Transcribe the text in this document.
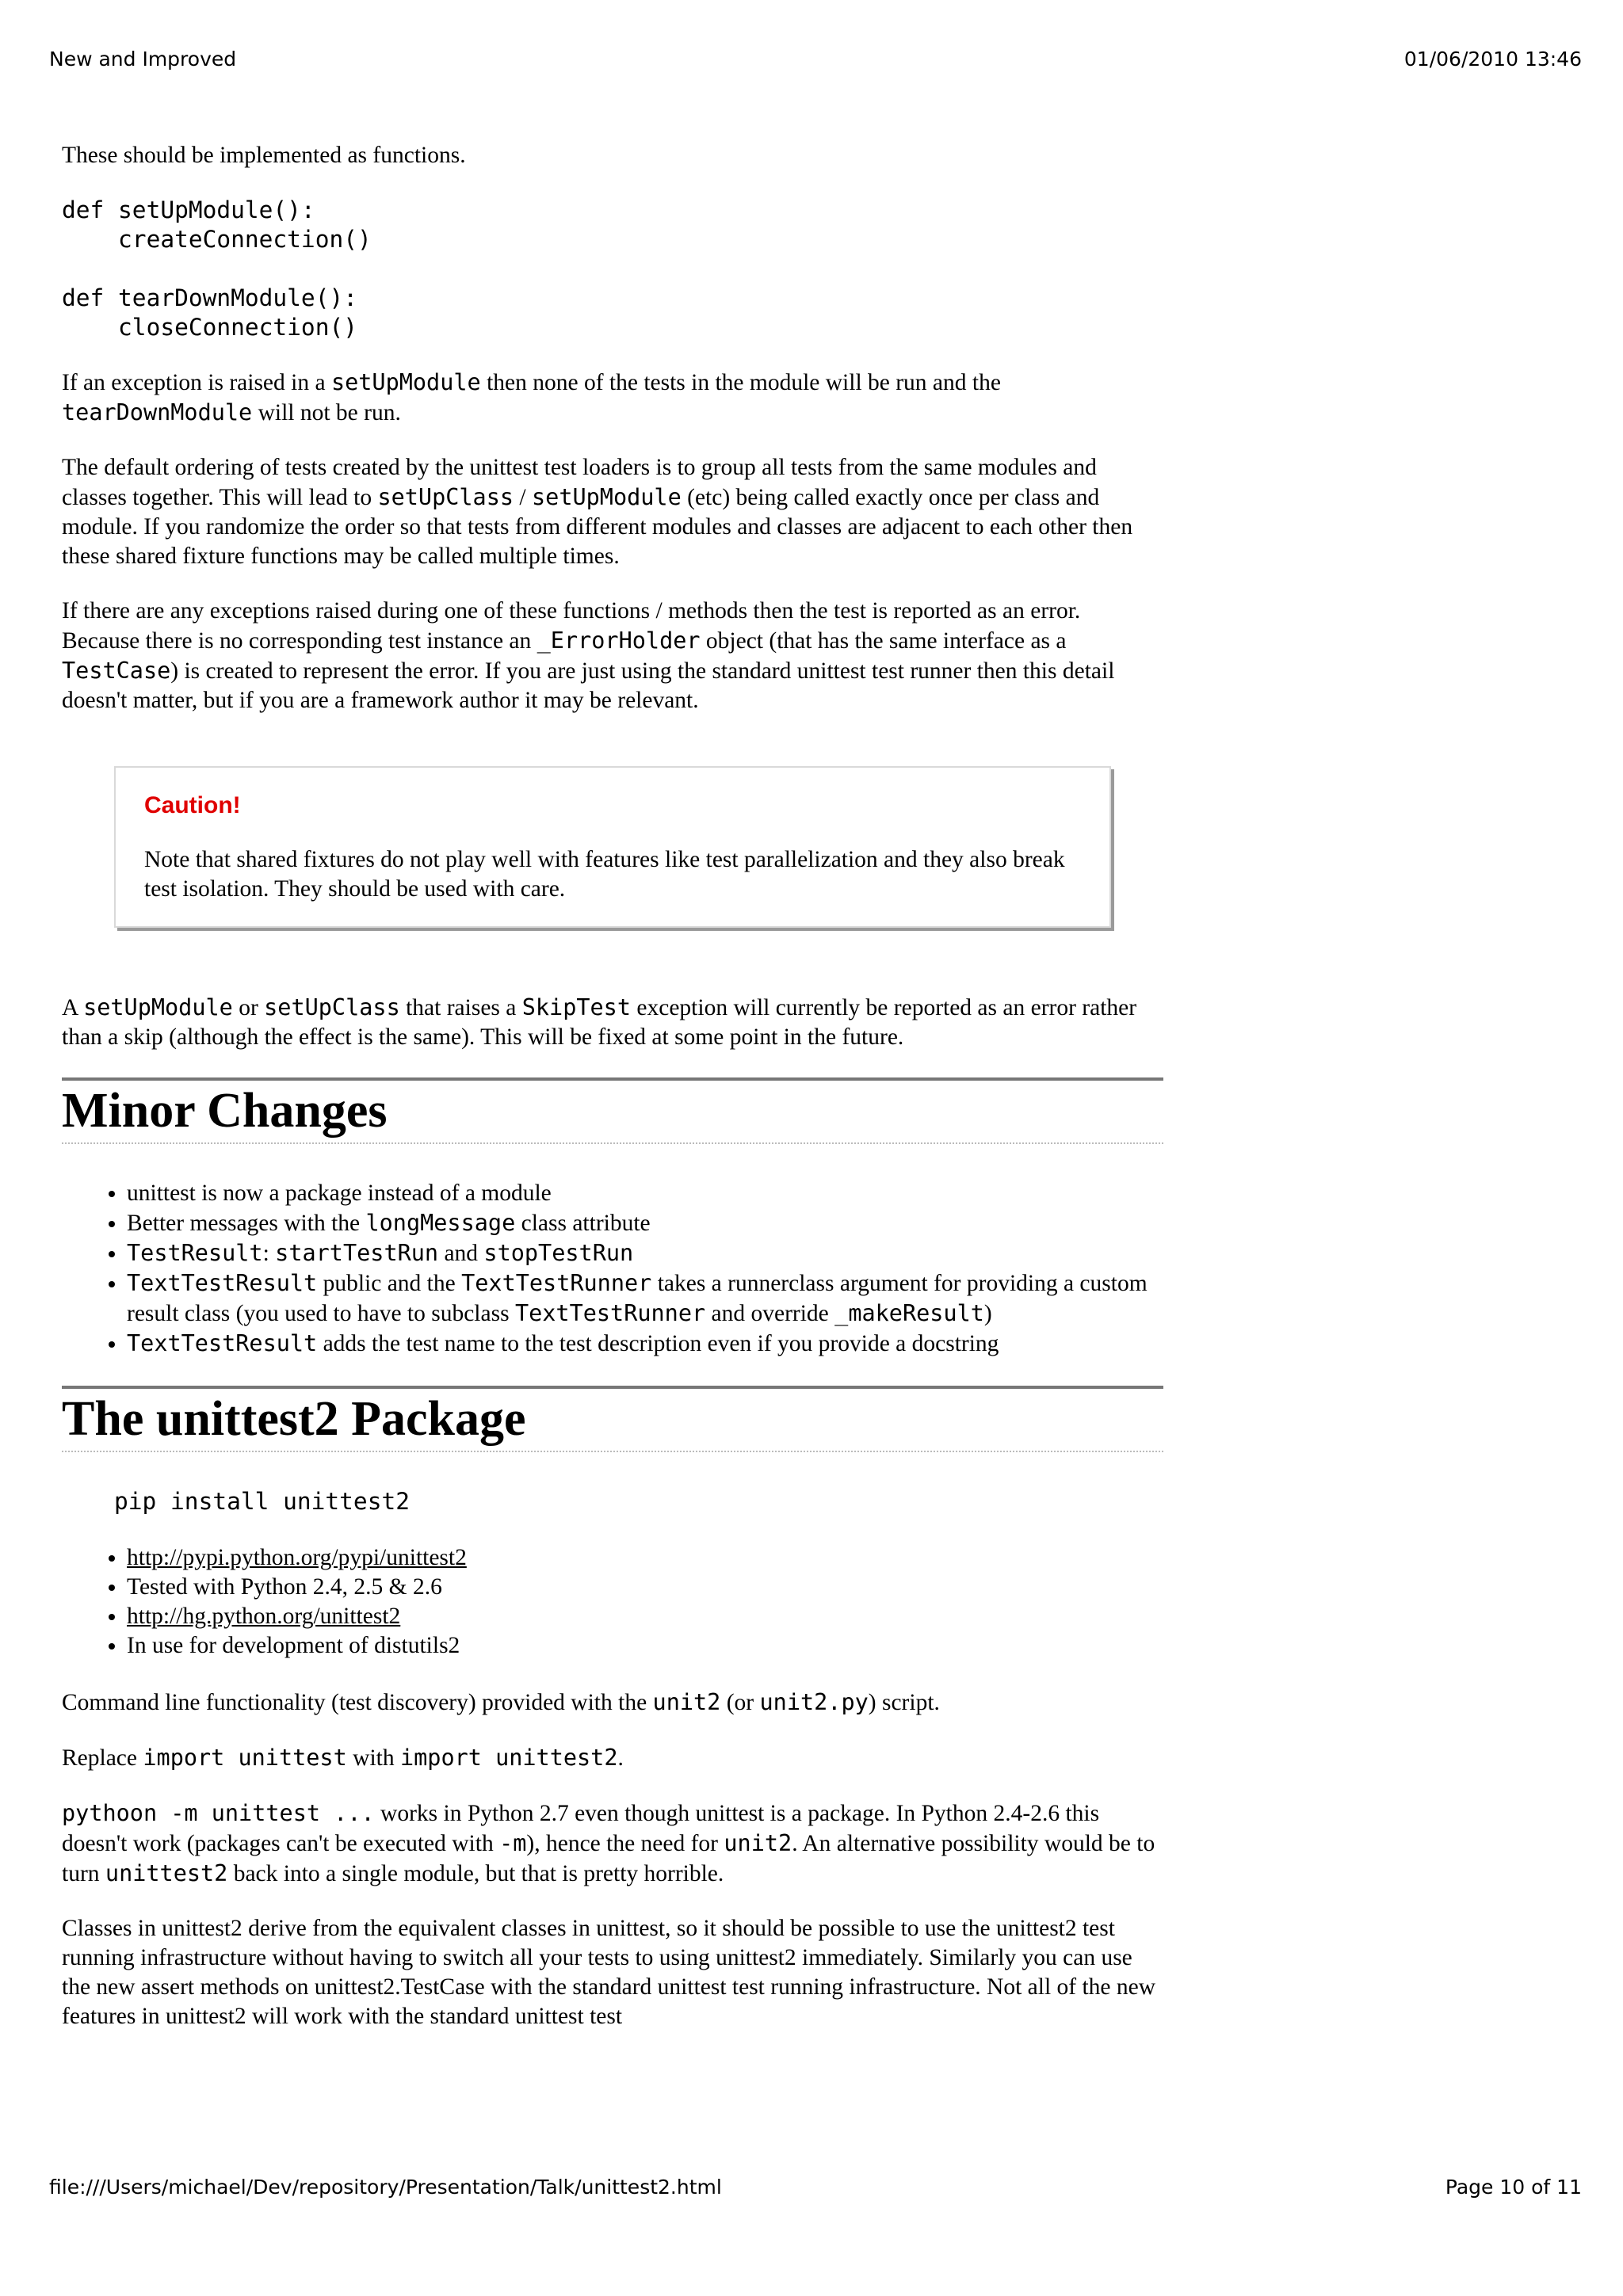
New and Improved	01/06/2010 13:46

These should be implemented as functions.

def setUpModule():
createConnection()

def tearDownModule():
closeConnection()

If an exception is raised in a setUpModule then none of the tests in the module will be run and the tearDownModule will not be run.

The default ordering of tests created by the unittest test loaders is to group all tests from the same modules and classes together. This will lead to setUpClass / setUpModule (etc) being called exactly once per class and module. If you randomize the order so that tests from different modules and classes are adjacent to each other then these shared fixture functions may be called multiple times.

If there are any exceptions raised during one of these functions / methods then the test is reported as an error. Because there is no corresponding test instance an _ErrorHolder object (that has the same interface as a TestCase) is created to represent the error. If you are just using the standard unittest test runner then this detail doesn't matter, but if you are a framework author it may be relevant.

Caution!

Note that shared fixtures do not play well with features like test parallelization and they also break test isolation. They should be used with care.

A setUpModule or setUpClass that raises a SkipTest exception will currently be reported as an error rather than a skip (although the effect is the same). This will be fixed at some point in the future.

Minor Changes
• unittest is now a package instead of a module
• Better messages with the longMessage class attribute
• TestResult: startTestRun and stopTestRun
• TextTestResult public and the TextTestRunner takes a runnerclass argument for providing a custom result class (you used to have to subclass TextTestRunner and override _makeResult)
• TextTestResult adds the test name to the test description even if you provide a docstring
The unittest2 Package
pip install unittest2
• http://pypi.python.org/pypi/unittest2
• Tested with Python 2.4, 2.5 & 2.6
• http://hg.python.org/unittest2
• In use for development of distutils2

Command line functionality (test discovery) provided with the unit2 (or unit2.py) script.

Replace import unittest with import unittest2.

pythoon -m unittest ... works in Python 2.7 even though unittest is a package. In Python 2.4-2.6 this doesn't work (packages can't be executed with -m), hence the need for unit2. An alternative possibility would be to turn unittest2 back into a single module, but that is pretty horrible.

Classes in unittest2 derive from the equivalent classes in unittest, so it should be possible to use the unittest2 test running infrastructure without having to switch all your tests to using unittest2 immediately. Similarly you can use the new assert methods on unittest2.TestCase with the standard unittest test running infrastructure. Not all of the new features in unittest2 will work with the standard unittest test

file:///Users/michael/Dev/repository/Presentation/Talk/unittest2.html	Page 10 of 11
